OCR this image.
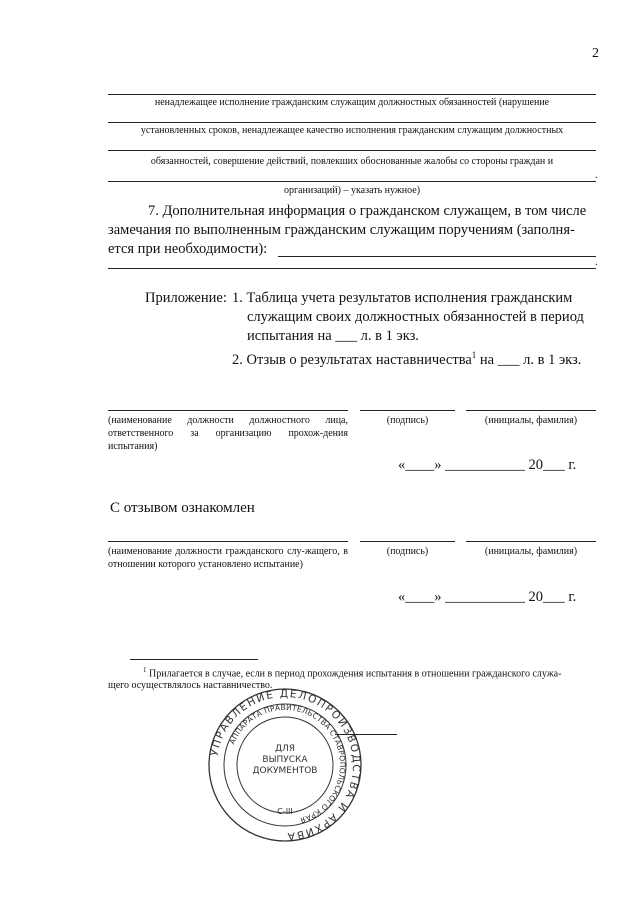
2
ненадлежащее исполнение гражданским служащим должностных обязанностей (нарушение
установленных сроков, ненадлежащее качество исполнения гражданским служащим должностных
обязанностей, совершение действий, повлекших обоснованные жалобы со стороны граждан и
.
организаций) – указать нужное)
7. Дополнительная информация о гражданском служащем, в том числе
замечания по выполненным гражданским служащим поручениям (заполня-
ется при необходимости):
.
Приложение: 1. Таблица учета результатов исполнения гражданским
служащим своих должностных обязанностей в период
испытания на ___ л. в 1 экз.
2. Отзыв о результатах наставничества$^1$ на ___ л. в 1 экз.
(наименование должности должностного лица, ответственного за организацию прохож-дения испытания)
(подпись)	(инициалы, фамилия)
«____» ___________ 20___ г.
С отзывом ознакомлен
(наименование должности гражданского слу-жащего, в отношении которого установлено испытание)
(подпись)	(инициалы, фамилия)
«____» ___________ 20___ г.
$^1$ Прилагается в случае, если в период прохождения испытания в отношении гражданского служа-
щего осуществлялось наставничество.
УПРАВЛЕНИЕ ДЕЛОПРОИЗВОДСТВА И АРХИВА
АППАРАТА ПРАВИТЕЛЬСТВА СТАВРОПОЛЬСКОГО КРАЯ
ДЛЯ
ВЫПУСКА
ДОКУМЕНТОВ
С-III
